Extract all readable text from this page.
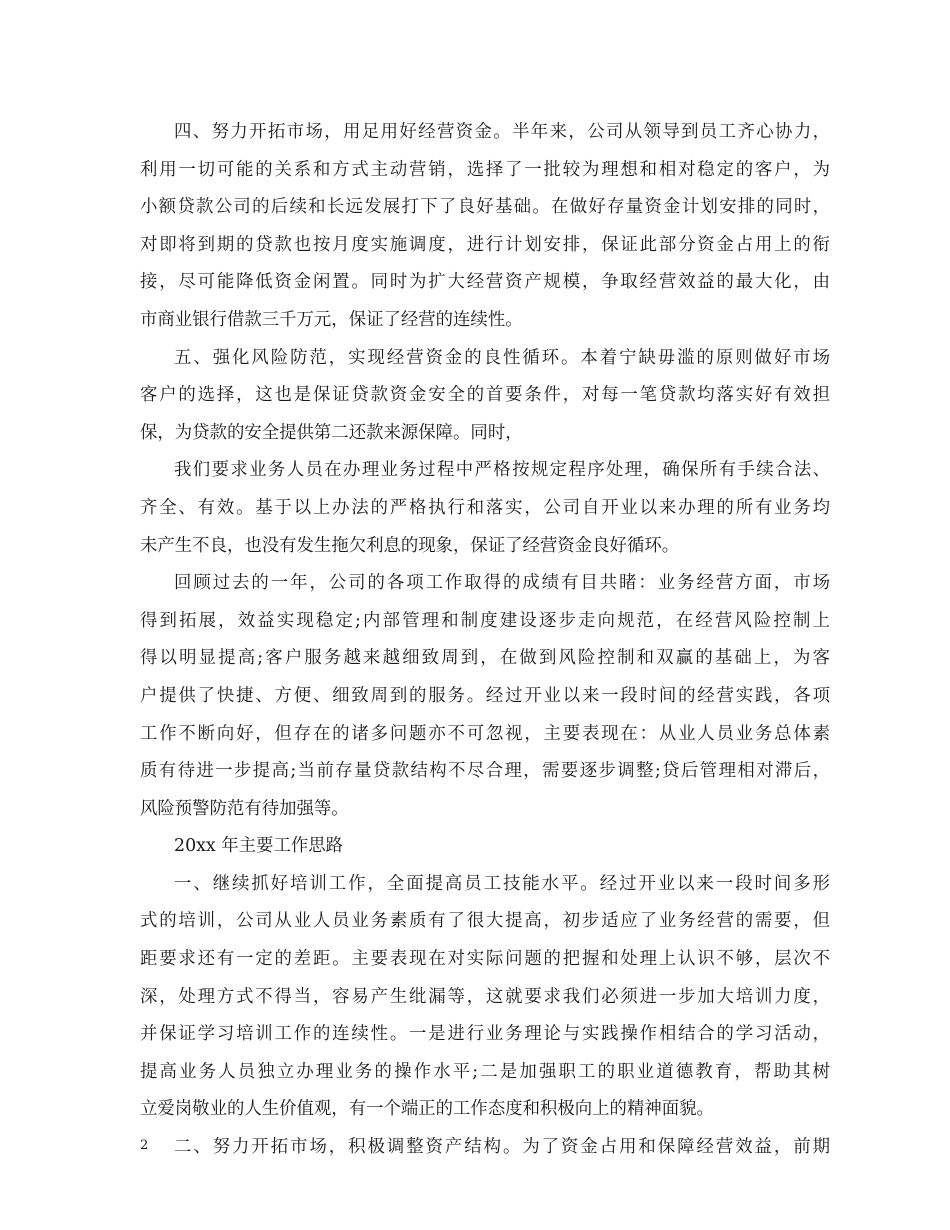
四、努力开拓市场，用足用好经营资金。半年来，公司从领导到员工齐心协力，
利用一切可能的关系和方式主动营销，选择了一批较为理想和相对稳定的客户，为
小额贷款公司的后续和长远发展打下了良好基础。在做好存量资金计划安排的同时，
对即将到期的贷款也按月度实施调度，进行计划安排，保证此部分资金占用上的衔
接，尽可能降低资金闲置。同时为扩大经营资产规模，争取经营效益的最大化，由
市商业银行借款三千万元，保证了经营的连续性。
五、强化风险防范，实现经营资金的良性循环。本着宁缺毋滥的原则做好市场
客户的选择，这也是保证贷款资金安全的首要条件，对每一笔贷款均落实好有效担
保，为贷款的安全提供第二还款来源保障。同时，
我们要求业务人员在办理业务过程中严格按规定程序处理，确保所有手续合法、
齐全、有效。基于以上办法的严格执行和落实，公司自开业以来办理的所有业务均
未产生不良，也没有发生拖欠利息的现象，保证了经营资金良好循环。
回顾过去的一年，公司的各项工作取得的成绩有目共睹：业务经营方面，市场
得到拓展，效益实现稳定;内部管理和制度建设逐步走向规范，在经营风险控制上
得以明显提高;客户服务越来越细致周到，在做到风险控制和双赢的基础上，为客
户提供了快捷、方便、细致周到的服务。经过开业以来一段时间的经营实践，各项
工作不断向好，但存在的诸多问题亦不可忽视，主要表现在：从业人员业务总体素
质有待进一步提高;当前存量贷款结构不尽合理，需要逐步调整;贷后管理相对滞后，
风险预警防范有待加强等。
20xx 年主要工作思路
一、继续抓好培训工作，全面提高员工技能水平。经过开业以来一段时间多形
式的培训，公司从业人员业务素质有了很大提高，初步适应了业务经营的需要，但
距要求还有一定的差距。主要表现在对实际问题的把握和处理上认识不够，层次不
深，处理方式不得当，容易产生纰漏等，这就要求我们必须进一步加大培训力度，
并保证学习培训工作的连续性。一是进行业务理论与实践操作相结合的学习活动，
提高业务人员独立办理业务的操作水平;二是加强职工的职业道德教育，帮助其树
立爱岗敬业的人生价值观，有一个端正的工作态度和积极向上的精神面貌。
二、努力开拓市场，积极调整资产结构。为了资金占用和保障经营效益，前期
2
